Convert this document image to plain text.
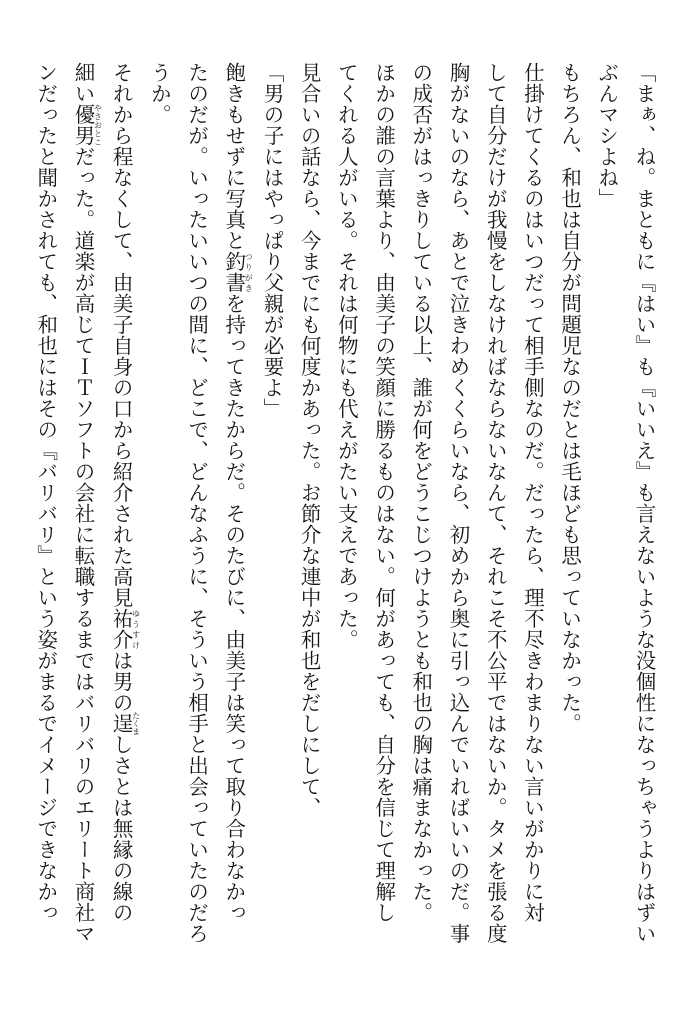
「まぁ、ね。まともに『はい』も『いいえ』も言えないような没個性になっちゃうよりはずい
ぶんマシよね」
もちろん、和也は自分が問題児なのだとは毛ほども思っていなかった。
仕掛けてくるのはいつだって相手側なのだ。だったら、理不尽きわまりない言いがかりに対
して自分だけが我慢をしなければならないなんて、それこそ不公平ではないか。タメを張る度
胸がないのなら、あとで泣きわめくくらいなら、初めから奥に引っ込んでいればいいのだ。事
の成否がはっきりしている以上、誰が何をどうこじつけようとも和也の胸は痛まなかった。
ほかの誰の言葉より、由美子の笑顔に勝るものはない。何があっても、自分を信じて理解し
てくれる人がいる。それは何物にも代えがたい支えであった。
見合いの話なら、今までにも何度かあった。お節介な連中が和也をだしにして、
「男の子にはやっぱり父親が必要よ」
飽きもせずに写真と釣書つりがきを持ってきたからだ。そのたびに、由美子は笑って取り合わなかっ
たのだが。いったいいつの間に、どこで、どんなふうに、そういう相手と出会っていたのだろ
うか。
それから程なくして、由美子自身の口から紹介された高見祐介ゆうすけは男の逞たくましさとは無縁の線の
細い優男やさおとこだった。道楽が高じてＩＴソフトの会社に転職するまではバリバリのエリート商社マ
ンだったと聞かされても、和也にはその『バリバリ』という姿がまるでイメージできなかっ
